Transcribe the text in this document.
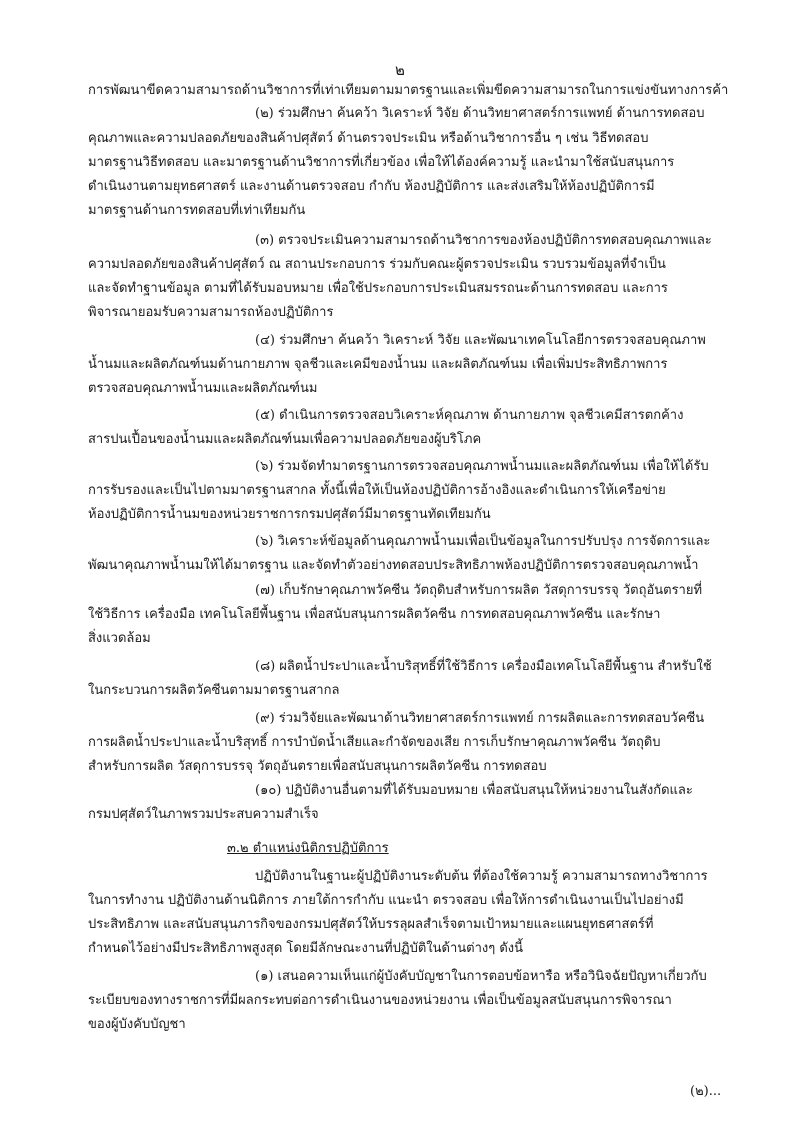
๒
การพัฒนาขีดความสามารถด้านวิชาการที่เท่าเทียมตามมาตรฐานและเพิ่มขีดความสามารถในการแข่งขันทางการค้า
(๒) ร่วมศึกษา ค้นคว้า วิเคราะห์ วิจัย ด้านวิทยาศาสตร์การแพทย์ ด้านการทดสอบ
คุณภาพและความปลอดภัยของสินค้าปศุสัตว์ ด้านตรวจประเมิน หรือด้านวิชาการอื่น ๆ เช่น วิธีทดสอบ
มาตรฐานวิธีทดสอบ และมาตรฐานด้านวิชาการที่เกี่ยวข้อง เพื่อให้ได้องค์ความรู้ และนำมาใช้สนับสนุนการ
ดำเนินงานตามยุทธศาสตร์ และงานด้านตรวจสอบ กำกับ ห้องปฏิบัติการ และส่งเสริมให้ห้องปฏิบัติการมี
มาตรฐานด้านการทดสอบที่เท่าเทียมกัน
(๓) ตรวจประเมินความสามารถด้านวิชาการของห้องปฏิบัติการทดสอบคุณภาพและ
ความปลอดภัยของสินค้าปศุสัตว์ ณ สถานประกอบการ ร่วมกับคณะผู้ตรวจประเมิน รวบรวมข้อมูลที่จำเป็น
และจัดทำฐานข้อมูล ตามที่ได้รับมอบหมาย เพื่อใช้ประกอบการประเมินสมรรถนะด้านการทดสอบ และการ
พิจารณายอมรับความสามารถห้องปฏิบัติการ
(๔) ร่วมศึกษา ค้นคว้า วิเคราะห์ วิจัย และพัฒนาเทคโนโลยีการตรวจสอบคุณภาพ
น้ำนมและผลิตภัณฑ์นมด้านกายภาพ จุลชีวและเคมีของน้ำนม และผลิตภัณฑ์นม เพื่อเพิ่มประสิทธิภาพการ
ตรวจสอบคุณภาพน้ำนมและผลิตภัณฑ์นม
(๕) ดำเนินการตรวจสอบวิเคราะห์คุณภาพ ด้านกายภาพ จุลชีวเคมีสารตกค้าง
สารปนเปื้อนของน้ำนมและผลิตภัณฑ์นมเพื่อความปลอดภัยของผู้บริโภค
(๖) ร่วมจัดทำมาตรฐานการตรวจสอบคุณภาพน้ำนมและผลิตภัณฑ์นม เพื่อให้ได้รับ
การรับรองและเป็นไปตามมาตรฐานสากล ทั้งนี้เพื่อให้เป็นห้องปฏิบัติการอ้างอิงและดำเนินการให้เครือข่าย
ห้องปฏิบัติการน้ำนมของหน่วยราชการกรมปศุสัตว์มีมาตรฐานทัดเทียมกัน
(๖) วิเคราะห์ข้อมูลด้านคุณภาพน้ำนมเพื่อเป็นข้อมูลในการปรับปรุง การจัดการและ
พัฒนาคุณภาพน้ำนมให้ได้มาตรฐาน และจัดทำตัวอย่างทดสอบประสิทธิภาพห้องปฏิบัติการตรวจสอบคุณภาพน้ำ
(๗) เก็บรักษาคุณภาพวัคซีน วัตถุดิบสำหรับการผลิต วัสดุการบรรจุ วัตถุอันตรายที่
ใช้วิธีการ เครื่องมือ เทคโนโลยีพื้นฐาน เพื่อสนับสนุนการผลิตวัคซีน การทดสอบคุณภาพวัคซีน และรักษา
สิ่งแวดล้อม
(๘) ผลิตน้ำประปาและน้ำบริสุทธิ์ที่ใช้วิธีการ เครื่องมือเทคโนโลยีพื้นฐาน สำหรับใช้
ในกระบวนการผลิตวัคซีนตามมาตรฐานสากล
(๙) ร่วมวิจัยและพัฒนาด้านวิทยาศาสตร์การแพทย์ การผลิตและการทดสอบวัคซีน
การผลิตน้ำประปาและน้ำบริสุทธิ์ การบำบัดน้ำเสียและกำจัดของเสีย การเก็บรักษาคุณภาพวัคซีน วัตถุดิบ
สำหรับการผลิต วัสดุการบรรจุ วัตถุอันตรายเพื่อสนับสนุนการผลิตวัคซีน การทดสอบ
(๑๐) ปฏิบัติงานอื่นตามที่ได้รับมอบหมาย เพื่อสนับสนุนให้หน่วยงานในสังกัดและ
กรมปศุสัตว์ในภาพรวมประสบความสำเร็จ
๓.๒ ตำแหน่งนิติกรปฏิบัติการ
ปฏิบัติงานในฐานะผู้ปฏิบัติงานระดับต้น ที่ต้องใช้ความรู้ ความสามารถทางวิชาการ
ในการทำงาน ปฏิบัติงานด้านนิติการ ภายใต้การกำกับ แนะนำ ตรวจสอบ เพื่อให้การดำเนินงานเป็นไปอย่างมี
ประสิทธิภาพ และสนับสนุนภารกิจของกรมปศุสัตว์ให้บรรลุผลสำเร็จตามเป้าหมายและแผนยุทธศาสตร์ที่
กำหนดไว้อย่างมีประสิทธิภาพสูงสุด โดยมีลักษณะงานที่ปฏิบัติในด้านต่างๆ ดังนี้
(๑) เสนอความเห็นแก่ผู้บังคับบัญชาในการตอบข้อหารือ หรือวินิจฉัยปัญหาเกี่ยวกับ
ระเบียบของทางราชการที่มีผลกระทบต่อการดำเนินงานของหน่วยงาน เพื่อเป็นข้อมูลสนับสนุนการพิจารณา
ของผู้บังคับบัญชา
(๒)...
